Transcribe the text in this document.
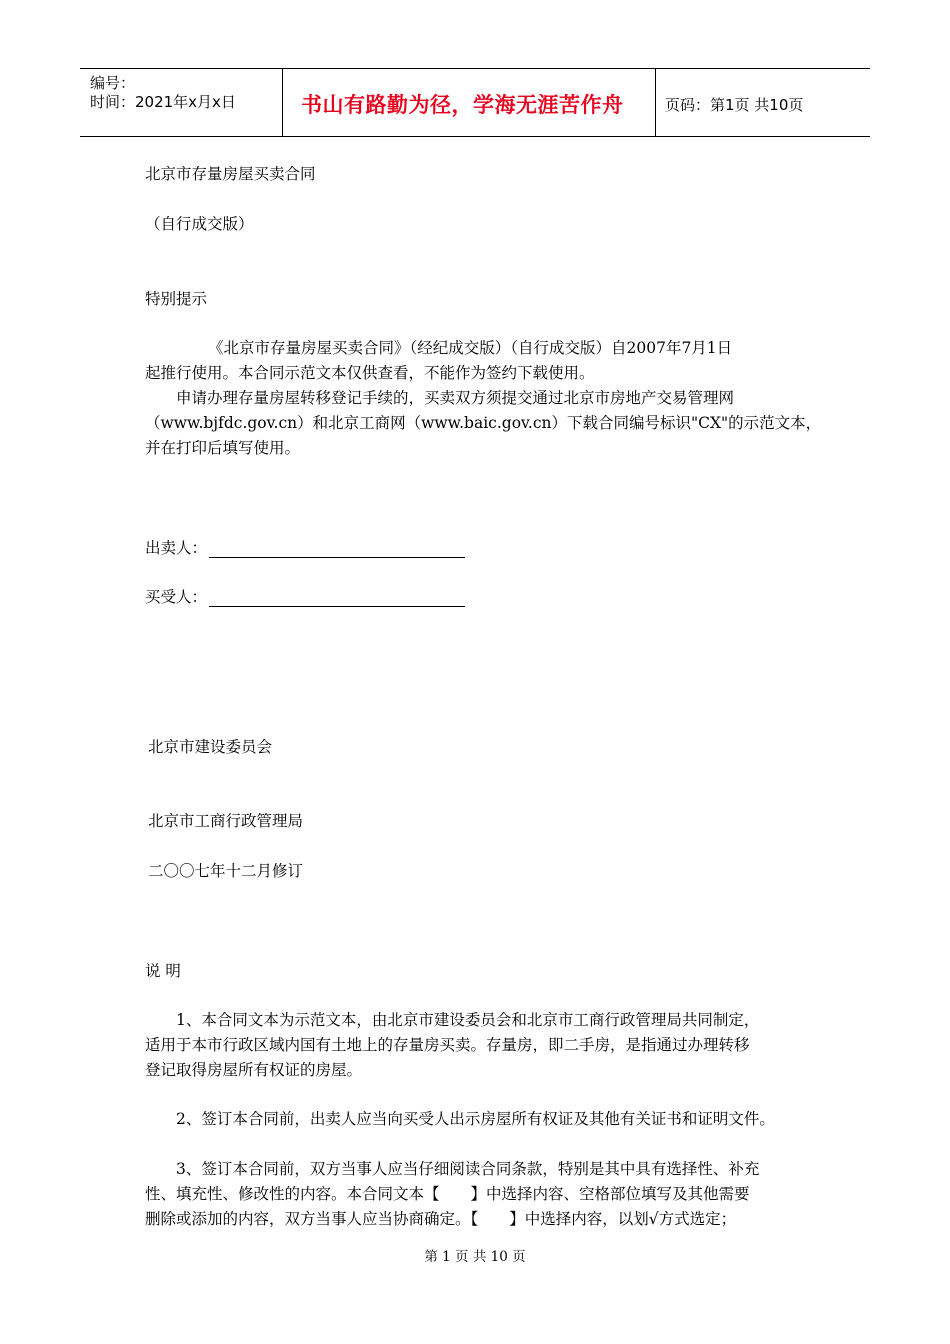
编号：
时间：2021年x月x日	书山有路勤为径，学海无涯苦作舟	页码：第1页 共10页
北京市存量房屋买卖合同
（自行成交版）
特别提示
《北京市存量房屋买卖合同》（经纪成交版）（自行成交版）自2007年7月1日
起推行使用。本合同示范文本仅供查看，不能作为签约下载使用。
申请办理存量房屋转移登记手续的，买卖双方须提交通过北京市房地产交易管理网
（www.bjfdc.gov.cn）和北京工商网（www.baic.gov.cn）下载合同编号标识"CX"的示范文本，
并在打印后填写使用。
出卖人：
买受人：
北京市建设委员会
北京市工商行政管理局
二〇〇七年十二月修订
说 明
1、本合同文本为示范文本，由北京市建设委员会和北京市工商行政管理局共同制定，
适用于本市行政区域内国有土地上的存量房买卖。存量房，即二手房，是指通过办理转移
登记取得房屋所有权证的房屋。
2、签订本合同前，出卖人应当向买受人出示房屋所有权证及其他有关证书和证明文件。
3、签订本合同前，双方当事人应当仔细阅读合同条款，特别是其中具有选择性、补充
性、填充性、修改性的内容。本合同文本【　　】中选择内容、空格部位填写及其他需要
删除或添加的内容，双方当事人应当协商确定。【　　】中选择内容，以划√方式选定；
第 1 页 共 10 页
